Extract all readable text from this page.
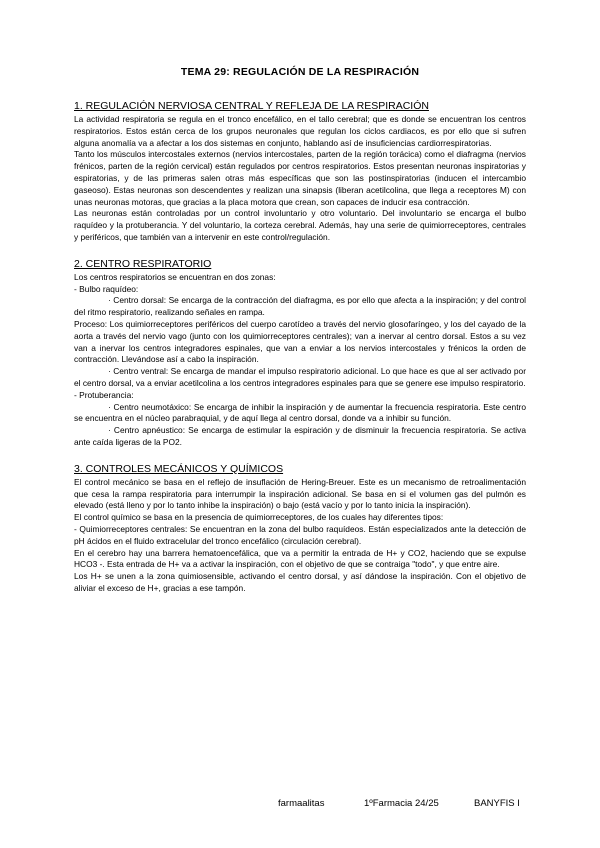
TEMA 29: REGULACIÓN DE LA RESPIRACIÓN
1. REGULACIÓN NERVIOSA CENTRAL Y REFLEJA DE LA RESPIRACIÓN

La actividad respiratoria se regula en el tronco encefálico, en el tallo cerebral; que es donde se encuentran los centros respiratorios. Estos están cerca de los grupos neuronales que regulan los ciclos cardiacos, es por ello que si sufren alguna anomalía va a afectar a los dos sistemas en conjunto, hablando así de insuficiencias cardiorrespiratorias.

Tanto los músculos intercostales externos (nervios intercostales, parten de la región torácica) como el diafragma (nervios frénicos, parten de la región cervical) están regulados por centros respiratorios. Estos presentan neuronas inspiratorias y espiratorias, y de las primeras salen otras más específicas que son las postinspiratorias (inducen el intercambio gaseoso). Estas neuronas son descendentes y realizan una sinapsis (liberan acetilcolina, que llega a receptores M) con unas neuronas motoras, que gracias a la placa motora que crean, son capaces de inducir esa contracción.

Las neuronas están controladas por un control involuntario y otro voluntario. Del involuntario se encarga el bulbo raquídeo y la protuberancia. Y del voluntario, la corteza cerebral. Además, hay una serie de quimiorreceptores, centrales y periféricos, que también van a intervenir en este control/regulación.

2. CENTRO RESPIRATORIO

Los centros respiratorios se encuentran en dos zonas:

- Bulbo raquídeo:

· Centro dorsal: Se encarga de la contracción del diafragma, es por ello que afecta a la inspiración; y del control del ritmo respiratorio, realizando señales en rampa.

Proceso: Los quimiorreceptores periféricos del cuerpo carotídeo a través del nervio glosofaríngeo, y los del cayado de la aorta a través del nervio vago (junto con los quimiorreceptores centrales); van a inervar al centro dorsal. Estos a su vez van a inervar los centros integradores espinales, que van a enviar a los nervios intercostales y frénicos la orden de contracción. Llevándose así a cabo la inspiración.

· Centro ventral: Se encarga de mandar el impulso respiratorio adicional. Lo que hace es que al ser activado por el centro dorsal, va a enviar acetilcolina a los centros integradores espinales para que se genere ese impulso respiratorio.

- Protuberancia:

· Centro neumotáxico: Se encarga de inhibir la inspiración y de aumentar la frecuencia respiratoria. Este centro se encuentra en el núcleo parabraquial, y de aquí llega al centro dorsal, donde va a inhibir su función.

· Centro apnéustico: Se encarga de estimular la espiración y de disminuir la frecuencia respiratoria. Se activa ante caída ligeras de la PO2.

3. CONTROLES MECÁNICOS Y QUÍMICOS

El control mecánico se basa en el reflejo de insuflación de Hering-Breuer. Este es un mecanismo de retroalimentación que cesa la rampa respiratoria para interrumpir la inspiración adicional. Se basa en si el volumen gas del pulmón es elevado (está lleno y por lo tanto inhibe la inspiración) o bajo (está vacío y por lo tanto inicia la inspiración).

El control químico se basa en la presencia de quimiorreceptores, de los cuales hay diferentes tipos:

- Quimiorreceptores centrales: Se encuentran en la zona del bulbo raquídeos. Están especializados ante la detección de pH ácidos en el fluido extracelular del tronco encefálico (circulación cerebral).

En el cerebro hay una barrera hematoencefálica, que va a permitir la entrada de H+ y CO2, haciendo que se expulse HCO3 -. Esta entrada de H+ va a activar la inspiración, con el objetivo de que se contraiga "todo", y que entre aire.

Los H+ se unen a la zona quimiosensible, activando el centro dorsal, y así dándose la inspiración. Con el objetivo de aliviar el exceso de H+, gracias a ese tampón.

farmaalitas	1ºFarmacia 24/25	BANYFIS I
